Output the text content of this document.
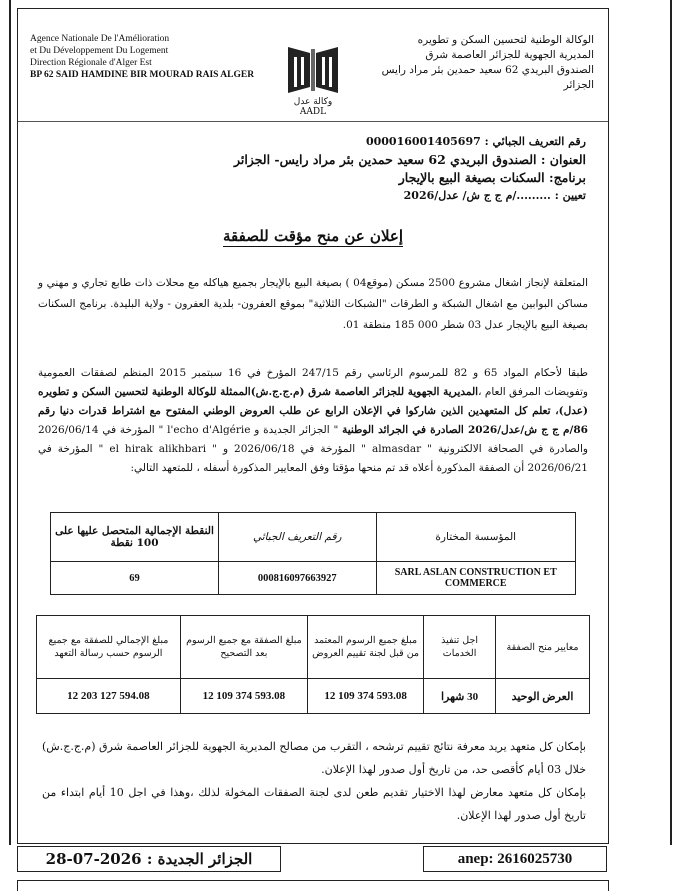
Agence Nationale De l'Amélioration
et Du Développement Du Logement
Direction Régionale d'Alger Est
BP 62 SAID HAMDINE BIR MOURAD RAIS ALGER
وكالة عدل AADL
الوكالة الوطنية لتحسين السكن و تطويره
المديرية الجهوية للجزائر العاصمة شرق
الصندوق البريدي 62 سعيد حمدين بئر مراد رايس
الجزائر
رقم التعريف الجبائي : 000016001405697
العنوان : الصندوق البريدي 62 سعيد حمدين بئر مراد رايس- الجزائر
برنامج: السكنات بصيغة البيع بالإيجار
تعيين : ........./م ج ج ش/ عدل/2026
إعلان عن منح مؤقت للصفقة
المتعلقة لإنجاز اشغال مشروع 2500 مسكن (موقع04 ) بصيغة البيع بالإيجار بجميع هياكله مع محلات ذات طابع تجاري و مهني و مساكن البوابين مع اشغال الشبكة و الطرقات "الشبكات الثلاثية" بموقع العفرون- بلدية العفرون - ولاية البليدة. برنامج السكنات بصيغة البيع بالإيجار عدل 03 شطر 000 185 منطقة 01.
طبقا لأحكام المواد 65 و 82 للمرسوم الرئاسي رقم 247/15 المؤرخ في 16 سبتمبر 2015 المنظم لصفقات العمومية وتفويضات المرفق العام ،المديرية الجهوية للجزائر العاصمة شرق (م.ج.ج.ش)الممثلة للوكالة الوطنية لتحسين السكن و تطويره (عدل)، تعلم كل المتعهدين الذين شاركوا في الإعلان الرابع عن طلب العروض الوطني المفتوح مع اشتراط قدرات دنيا رقم 86/م ج ج ش/عدل/2026 الصادرة في الجرائد الوطنية " الجزائر الجديدة و l'echo d'Algérie " المؤرخة في 2026/06/14 والصادرة في الصحافة الالكترونية " almasdar " المؤرخة في 2026/06/18 و " el hirak alikhbari " المؤرخة في 2026/06/21 أن الصفقة المذكورة أعلاه قد تم منحها مؤقتا وفق المعايير المذكورة أسفله ، للمتعهد التالي:
المؤسسة المختارة	رقم التعريف الجبائي	النقطة الإجمالية المتحصل عليها على 100 نقطة
SARL ASLAN CONSTRUCTION ET COMMERCE	000816097663927	69
معايير منح الصفقة	اجل تنفيذ الخدمات	مبلغ جميع الرسوم المعتمد من قبل لجنة تقييم العروض	مبلغ الصفقة مع جميع الرسوم بعد التصحيح	مبلغ الإجمالي للصفقة مع جميع الرسوم حسب رسالة التعهد
العرض الوحيد	30 شهرا	12 109 374 593.08	12 109 374 593.08	12 203 127 594.08
بإمكان كل متعهد يريد معرفة نتائج تقييم ترشحه ، التقرب من مصالح المديرية الجهوية للجزائر العاصمة شرق (م.ج.ج.ش) خلال 03 أيام كأقصى حد، من تاريخ أول صدور لهذا الإعلان.
بإمكان كل متعهد معارض لهذا الاختيار تقديم طعن لدى لجنة الصفقات المخولة لذلك ،وهذا في اجل 10 أيام ابتداء من تاريخ أول صدور لهذا الإعلان.
الجزائر الجديدة : 2026-07-28	anep: 2616025730
